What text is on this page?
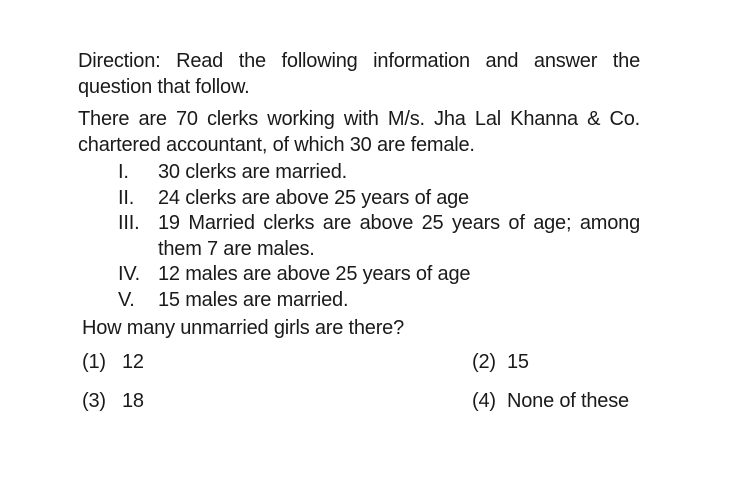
Direction: Read the following information and answer the question that follow.
There are 70 clerks working with M/s. Jha Lal Khanna & Co. chartered accountant, of which 30 are female.
I.	30 clerks are married.
II.	24 clerks are above 25 years of age
III. 19 Married clerks are above 25 years of age; among them 7 are males.
IV. 12 males are above 25 years of age
V.	15 males are married.
How many unmarried girls are there?
(1) 12	(2) 15
(3) 18	(4) None of these
